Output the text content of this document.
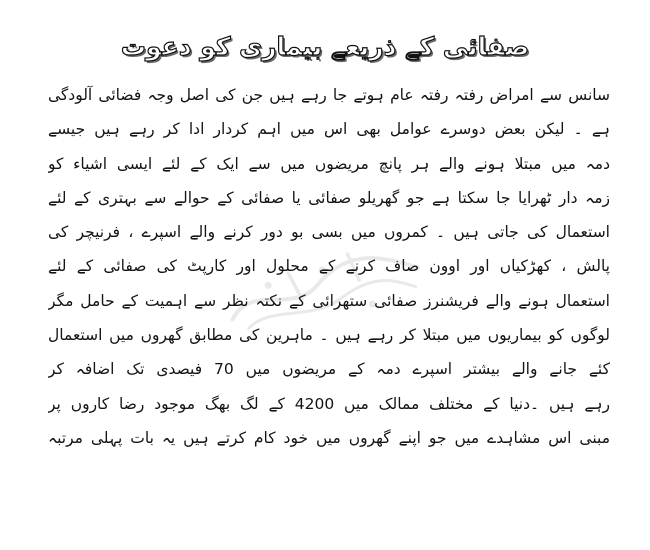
صفائی کے ذریعے بیماری کو دعوت
سانس سے امراض رفتہ رفتہ عام ہوتے جا رہے ہیں جن کی اصل وجہ فضائی آلودگی
ہے ۔ لیکن بعض دوسرے عوامل بھی اس میں اہم کردار ادا کر رہے ہیں جیسے
دمہ میں مبتلا ہونے والے ہر پانچ مریضوں میں سے ایک کے لئے ایسی اشیاء کو
زمہ دار ٹھرایا جا سکتا ہے جو گھریلو صفائی یا صفائی کے حوالے سے بہتری کے لئے
استعمال کی جاتی ہیں ۔ کمروں میں بسی بو دور کرنے والے اسپرے ، فرنیچر کی
پالش ، کھڑکیاں اور اوون صاف کرنے کے محلول اور کارپٹ کی صفائی کے لئے
استعمال ہونے والے فریشنرز صفائی ستھرائی کے نکتہ نظر سے اہمیت کے حامل مگر
لوگوں کو بیماریوں میں مبتلا کر رہے ہیں ۔ ماہرین کی مطابق گھروں میں استعمال
کئے جانے والے بیشتر اسپرے دمہ کے مریضوں میں 70 فیصدی تک اضافہ کر
رہے ہیں ۔دنیا کے مختلف ممالک میں 4200 کے لگ بھگ موجود رضا کاروں پر
مبنی اس مشاہدے میں جو اپنے گھروں میں خود کام کرتے ہیں یہ بات پہلی مرتبہ
